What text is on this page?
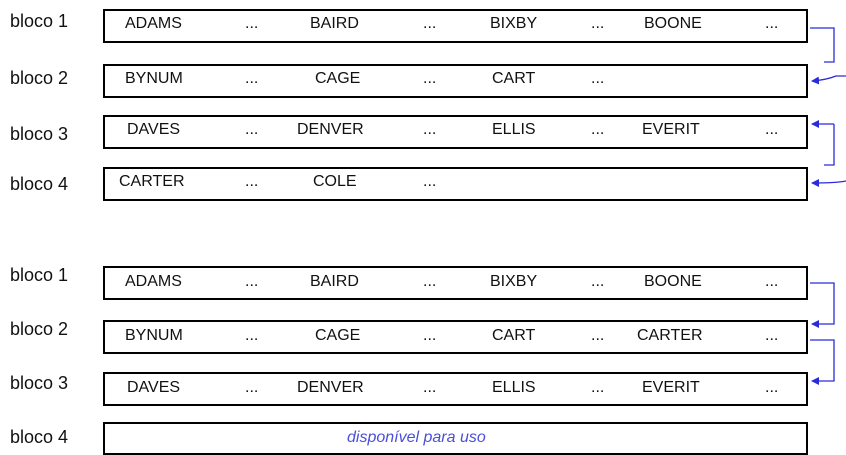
bloco 1	ADAMS	...	BAIRD	...	BIXBY	... BOONE	...
bloco 2	BYNUM	...	CAGE	...	CART	...
bloco 3	DAVES	... DENVER	...	ELLIS	... EVERIT	...
bloco 4	CARTER	...	COLE	...
bloco 1	ADAMS	...	BAIRD	...	BIXBY	... BOONE	...
bloco 2	BYNUM	...	CAGE	...	CART	... CARTER	...
bloco 3	DAVES	... DENVER	...	ELLIS	... EVERIT	...
bloco 4	disponível para uso
